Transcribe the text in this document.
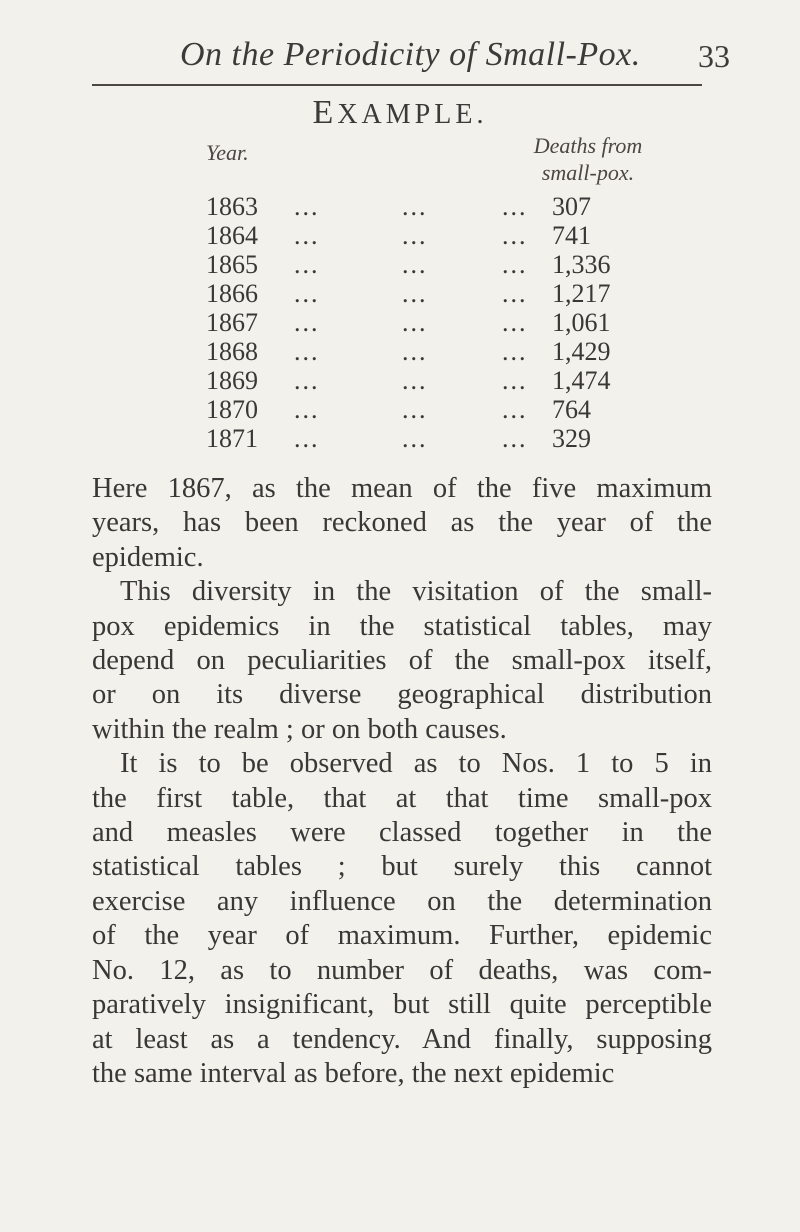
On the Periodicity of Small-Pox. 33
EXAMPLE.
Year.	Deaths from
small-pox.
1863 ...	...	... 307
1864 ...	...	... 741
1865 ...	...	... 1,336
1866 ...	...	... 1,217
1867 ...	...	... 1,061
1868 ...	...	... 1,429
1869 ...	...	... 1,474
1870 ...	...	... 764
1871 ...	...	... 329
Here 1867, as the mean of the five maximum
years, has been reckoned as the year of the
epidemic.
This diversity in the visitation of the small-
pox epidemics in the statistical tables, may
depend on peculiarities of the small-pox itself,
or on its diverse geographical distribution
within the realm ; or on both causes.
It is to be observed as to Nos. 1 to 5 in
the first table, that at that time small-pox
and measles were classed together in the
statistical tables ; but surely this cannot
exercise any influence on the determination
of the year of maximum. Further, epidemic
No. 12, as to number of deaths, was com-
paratively insignificant, but still quite perceptible
at least as a tendency. And finally, supposing
the same interval as before, the next epidemic
